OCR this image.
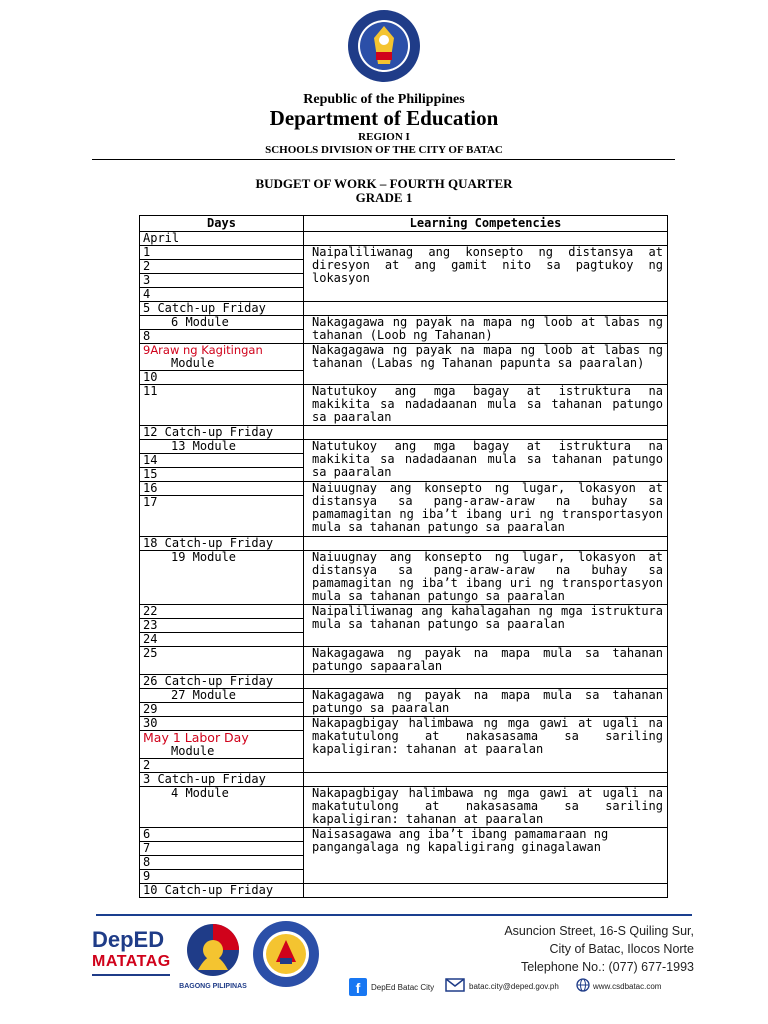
Republic of the Philippines
Department of Education
REGION I
SCHOOLS DIVISION OF THE CITY OF BATAC
BUDGET OF WORK – FOURTH QUARTER
GRADE 1
Days	Learning Competencies
April	
1	Naipaliliwanag ang konsepto ng distansya at diresyon at ang gamit nito sa pagtukoy ng lokasyon
2	
3	
4	
5 Catch-up Friday	
6 Module	Nakagagawa ng payak na mapa ng loob at labas ng tahanan (Loob ng Tahanan)
8	
9Araw ng Kagitingan
Module	Nakagagawa ng payak na mapa ng loob at labas ng tahanan (Labas ng Tahanan papunta sa paaralan)
10	
11	Natutukoy ang mga bagay at istruktura na makikita sa nadadaanan mula sa tahanan patungo sa paaralan
12 Catch-up Friday	
13 Module	Natutukoy ang mga bagay at istruktura na makikita sa nadadaanan mula sa tahanan patungo sa paaralan
14	
15	
16	Naiuugnay ang konsepto ng lugar, lokasyon at distansya sa pang-araw-araw na buhay sa pamamagitan ng iba’t ibang uri ng transportasyon mula sa tahanan patungo sa paaralan
17	
18 Catch-up Friday	
19 Module	Naiuugnay ang konsepto ng lugar, lokasyon at distansya sa pang-araw-araw na buhay sa pamamagitan ng iba’t ibang uri ng transportasyon mula sa tahanan patungo sa paaralan
22	Naipaliliwanag ang kahalagahan ng mga istruktura mula sa tahanan patungo sa paaralan
23	
24	
25	Nakagagawa ng payak na mapa mula sa tahanan patungo sapaaralan
26 Catch-up Friday	
27 Module	Nakagagawa ng payak na mapa mula sa tahanan patungo sa paaralan
29	
30	Nakapagbigay halimbawa ng mga gawi at ugali na makatutulong at nakasasama sa sariling kapaligiran: tahanan at paaralan
May 1 Labor Day
Module	
2	
3 Catch-up Friday	
4 Module	Nakapagbigay halimbawa ng mga gawi at ugali na makatutulong at nakasasama sa sariling kapaligiran: tahanan at paaralan
6	Naisasagawa ang iba’t ibang pamamaraan ng pangangalaga ng kapaligirang ginagalawan
7	
8	
9	
10 Catch-up Friday	
DepED
MATATAG
BAGONG PILIPINAS
Asuncion Street, 16-S Quiling Sur,
City of Batac, Ilocos Norte
Telephone No.: (077) 677-1993
f	DepEd Batac City	batac.city@deped.gov.ph	www.csdbatac.com
